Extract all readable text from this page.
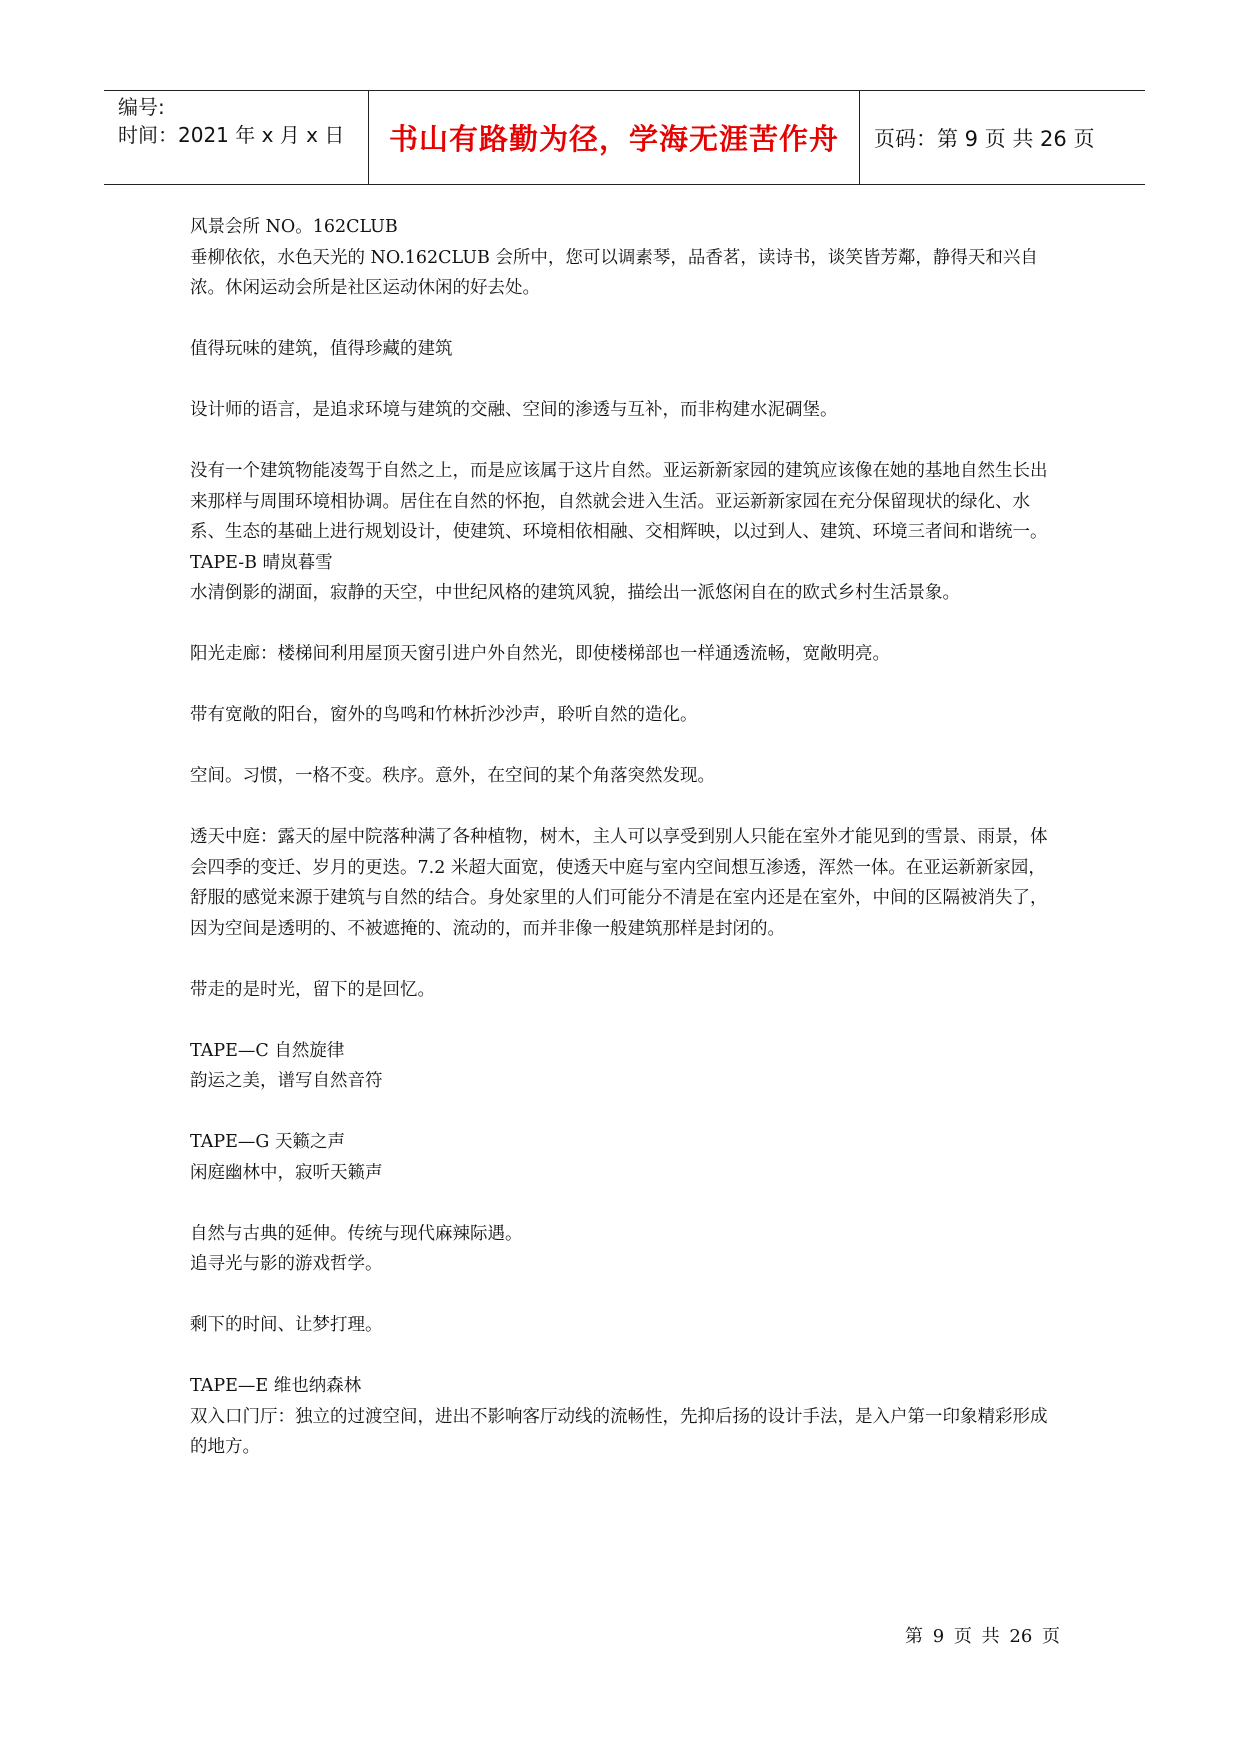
编号:
时间：2021 年 x 月 x 日 书山有路勤为径，学海无涯苦作舟 页码：第 9 页 共 26 页

风景会所 NO。162CLUB

垂柳依依，水色天光的 NO.162CLUB 会所中，您可以调素琴，品香茗，读诗书，谈笑皆芳鄰，静得天和兴自浓。休闲运动会所是社区运动休闲的好去处。

值得玩味的建筑，值得珍藏的建筑

设计师的语言，是追求环境与建筑的交融、空间的渗透与互补，而非构建水泥碉堡。

没有一个建筑物能凌驾于自然之上，而是应该属于这片自然。亚运新新家园的建筑应该像在她的基地自然生长出来那样与周围环境相协调。居住在自然的怀抱，自然就会进入生活。亚运新新家园在充分保留现状的绿化、水系、生态的基础上进行规划设计，使建筑、环境相依相融、交相辉映，以过到人、建筑、环境三者间和谐统一。

TAPE-B 晴岚暮雪

水清倒影的湖面，寂静的天空，中世纪风格的建筑风貌，描绘出一派悠闲自在的欧式乡村生活景象。

阳光走廊：楼梯间利用屋顶天窗引进户外自然光，即使楼梯部也一样通透流畅，宽敞明亮。

带有宽敞的阳台，窗外的鸟鸣和竹林折沙沙声，聆听自然的造化。

空间。习惯，一格不变。秩序。意外，在空间的某个角落突然发现。

透天中庭：露天的屋中院落种满了各种植物，树木，主人可以享受到别人只能在室外才能见到的雪景、雨景，体会四季的变迁、岁月的更迭。7.2 米超大面宽，使透天中庭与室内空间想互渗透，浑然一体。在亚运新新家园，舒服的感觉来源于建筑与自然的结合。身处家里的人们可能分不清是在室内还是在室外，中间的区隔被消失了，因为空间是透明的、不被遮掩的、流动的，而并非像一般建筑那样是封闭的。

带走的是时光，留下的是回忆。

TAPE—C 自然旋律

韵运之美，谱写自然音符

TAPE—G 天籁之声

闲庭幽林中，寂听天籁声

自然与古典的延伸。传统与现代麻辣际遇。

追寻光与影的游戏哲学。

剩下的时间、让梦打理。

TAPE—E 维也纳森林

双入口门厅：独立的过渡空间，进出不影响客厅动线的流畅性，先抑后扬的设计手法，是入户第一印象精彩形成的地方。

第 9 页 共 26 页
